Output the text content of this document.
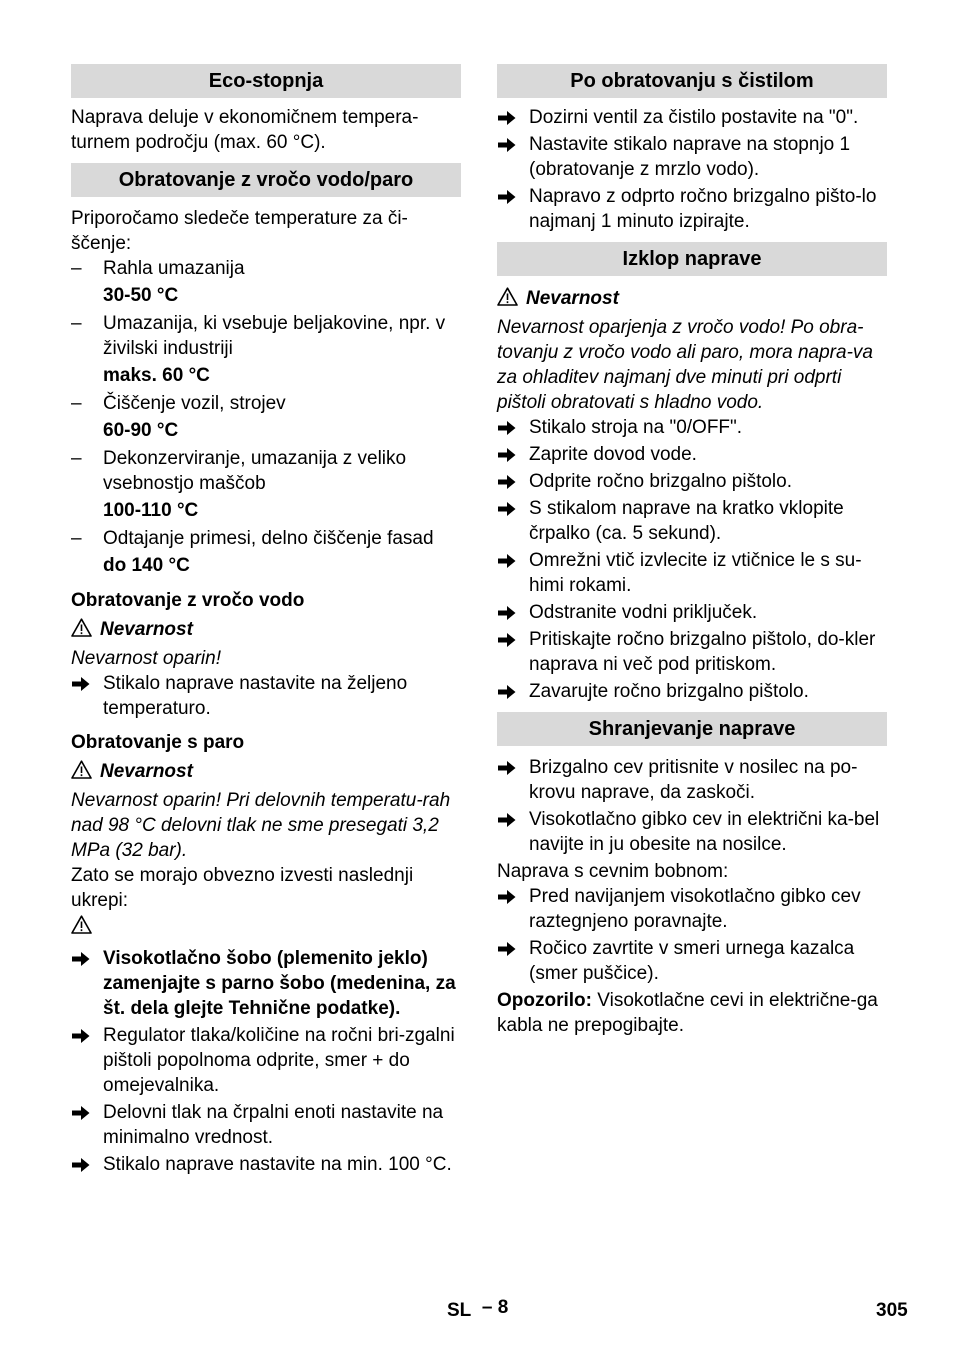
Eco-stopnja
Naprava deluje v ekonomičnem tempera-turnem področju (max. 60 °C).
Obratovanje z vročo vodo/paro
Priporočamo sledeče temperature za či-ščenje:
– Rahla umazanija
30-50 °C
– Umazanija, ki vsebuje beljakovine, npr. v živilski industriji
maks. 60 °C
– Čiščenje vozil, strojev
60-90 °C
– Dekonzerviranje, umazanija z veliko vsebnostjo maščob
100-110 °C
– Odtajanje primesi, delno čiščenje fasad
do 140 °C
Obratovanje z vročo vodo
Nevarnost
Nevarnost oparin!
Stikalo naprave nastavite na željeno temperaturo.
Obratovanje s paro
Nevarnost
Nevarnost oparin! Pri delovnih temperatu-rah nad 98 °C delovni tlak ne sme presegati 3,2 MPa (32 bar).
Zato se morajo obvezno izvesti naslednji ukrepi:
Visokotlačno šobo (plemenito jeklo) zamenjajte s parno šobo (medenina, za št. dela glejte Tehnične podatke).
Regulator tlaka/količine na ročni bri-zgalni pištoli popolnoma odprite, smer + do omejevalnika.
Delovni tlak na črpalni enoti nastavite na minimalno vrednost.
Stikalo naprave nastavite na min. 100 °C.
Po obratovanju s čistilom
Dozirni ventil za čistilo postavite na "0".
Nastavite stikalo naprave na stopnjo 1 (obratovanje z mrzlo vodo).
Napravo z odprto ročno brizgalno pišto-lo najmanj 1 minuto izpirajte.
Izklop naprave
Nevarnost
Nevarnost oparjenja z vročo vodo! Po obra-tovanju z vročo vodo ali paro, mora napra-va za ohladitev najmanj dve minuti pri odprti pištoli obratovati s hladno vodo.
Stikalo stroja na "0/OFF".
Zaprite dovod vode.
Odprite ročno brizgalno pištolo.
S stikalom naprave na kratko vklopite črpalko (ca. 5 sekund).
Omrežni vtič izvlecite iz vtičnice le s su-himi rokami.
Odstranite vodni priključek.
Pritiskajte ročno brizgalno pištolo, do-kler naprava ni več pod pritiskom.
Zavarujte ročno brizgalno pištolo.
Shranjevanje naprave
Brizgalno cev pritisnite v nosilec na po-krovu naprave, da zaskoči.
Visokotlačno gibko cev in električni ka-bel navijte in ju obesite na nosilce.
Naprava s cevnim bobnom:
Pred navijanjem visokotlačno gibko cev raztegnjeno poravnajte.
Ročico zavrtite v smeri urnega kazalca (smer puščice).
Opozorilo: Visokotlačne cevi in električne-ga kabla ne prepogibajte.
SL – 8	305
